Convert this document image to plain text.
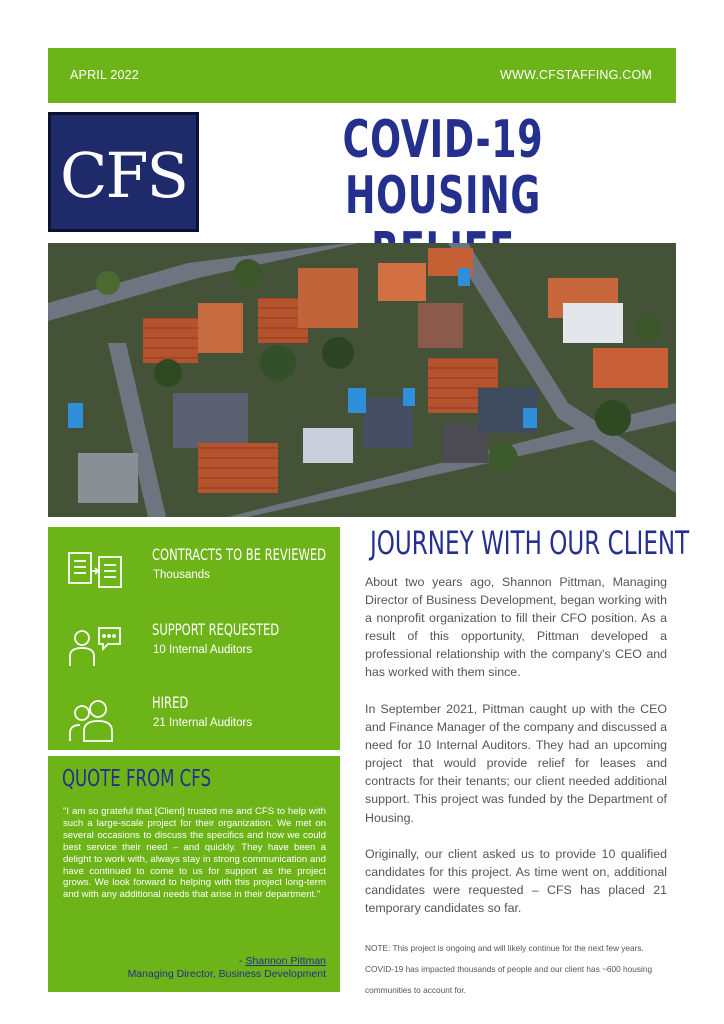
APRIL 2022	WWW.CFSTAFFING.COM
CFS	COVID-19 HOUSING
CONTRACTS TO BE REVIEWED
Thousands
SUPPORT REQUESTED
10 Internal Auditors
HIRED
21 Internal Auditors
QUOTE FROM CFS
"I am so grateful that [Client] trusted me and CFS to help with such a large-scale project for their organization. We met on several occasions to discuss the specifics and how we could best service their need – and quickly. They have been a delight to work with, always stay in strong communication and have continued to come to us for support as the project grows. We look forward to helping with this project long-term and with any additional needs that arise in their department."
- Shannon Pittman
Managing Director, Business Development
JOURNEY WITH OUR CLIENT
About two years ago, Shannon Pittman, Managing Director of Business Development, began working with a nonprofit organization to fill their CFO position. As a result of this opportunity, Pittman developed a professional relationship with the company's CEO and has worked with them since.
In September 2021, Pittman caught up with the CEO and Finance Manager of the company and discussed a need for 10 Internal Auditors. They had an upcoming project that would provide relief for leases and contracts for their tenants; our client needed additional support. This project was funded by the Department of Housing.
Originally, our client asked us to provide 10 qualified candidates for this project. As time went on, additional candidates were requested – CFS has placed 21 temporary candidates so far.
NOTE: This project is ongoing and will likely continue for the next few years. COVID-19 has impacted thousands of people and our client has ~600 housing communities to account for.
